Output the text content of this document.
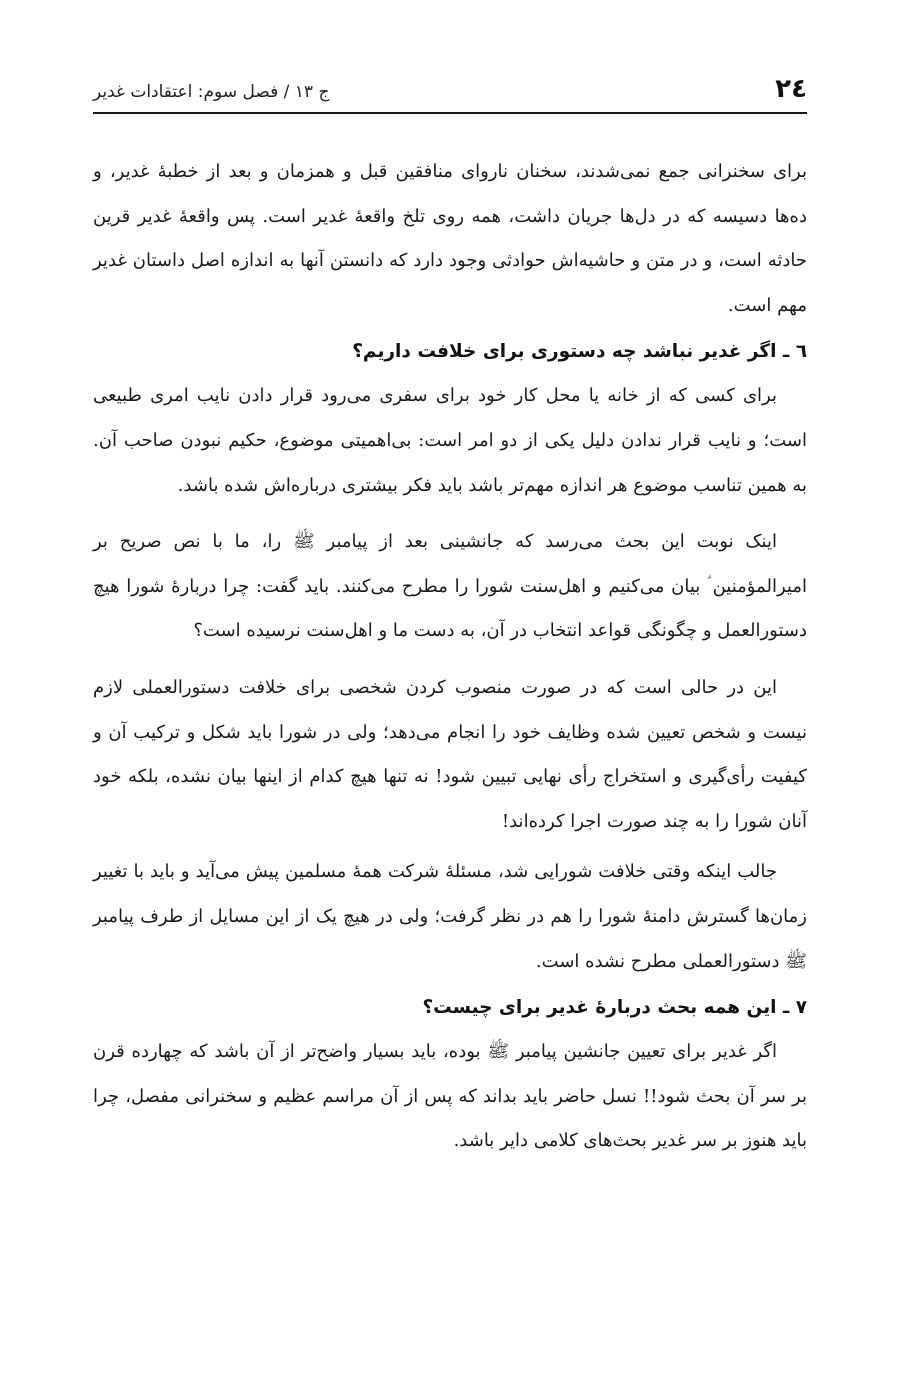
٢٤
ج ١٣ / فصل سوم: اعتقادات غدیر

برای سخنرانی جمع نمی‌شدند، سخنان ناروای منافقین قبل و همزمان و بعد از خطبۀ غدیر، و ده‌ها دسیسه که در دل‌ها جریان داشت، همه روی تلخ واقعۀ غدیر است. پس واقعۀ غدیر قرین حادثه است، و در متن و حاشیه‌اش حوادثی وجود دارد که دانستن آنها به اندازه اصل داستان غدیر مهم است.

٦ ـ اگر غدیر نباشد چه دستوری برای خلافت داریم؟

برای کسی که از خانه یا محل کار خود برای سفری می‌رود قرار دادن نایب امری طبیعی است؛ و نایب قرار ندادن دلیل یکی از دو امر است: بی‌اهمیتی موضوع، حکیم نبودن صاحب آن. به همین تناسب موضوع هر اندازه مهم‌تر باشد باید فکر بیشتری درباره‌اش شده باشد.

اینک نوبت این بحث می‌رسد که جانشینی بعد از پیامبر ﷺ را، ما با نص صریح بر امیرالمؤمنین ؑ بیان می‌کنیم و اهل‌سنت شورا را مطرح می‌کنند. باید گفت: چرا دربارۀ شورا هیچ دستورالعمل و چگونگی قواعد انتخاب در آن، به دست ما و اهل‌سنت نرسیده است؟

این در حالی است که در صورت منصوب کردن شخصی برای خلافت دستورالعملی لازم نیست و شخص تعیین شده وظایف خود را انجام می‌دهد؛ ولی در شورا باید شکل و ترکیب آن و کیفیت رأی‌گیری و استخراج رأی نهایی تبیین شود! نه تنها هیچ کدام از اینها بیان نشده، بلکه خود آنان شورا را به چند صورت اجرا کرده‌اند!

جالب اینکه وقتی خلافت شورایی شد، مسئلۀ شرکت همۀ مسلمین پیش می‌آید و باید با تغییر زمان‌ها گسترش دامنۀ شورا را هم در نظر گرفت؛ ولی در هیچ یک از این مسایل از طرف پیامبر ﷺ دستورالعملی مطرح نشده است.

٧ ـ این همه بحث دربارۀ غدیر برای چیست؟

اگر غدیر برای تعیین جانشین پیامبر ﷺ بوده، باید بسیار واضح‌تر از آن باشد که چهارده قرن بر سر آن بحث شود!! نسل حاضر باید بداند که پس از آن مراسم عظیم و سخنرانی مفصل، چرا باید هنوز بر سر غدیر بحث‌های کلامی دایر باشد.
